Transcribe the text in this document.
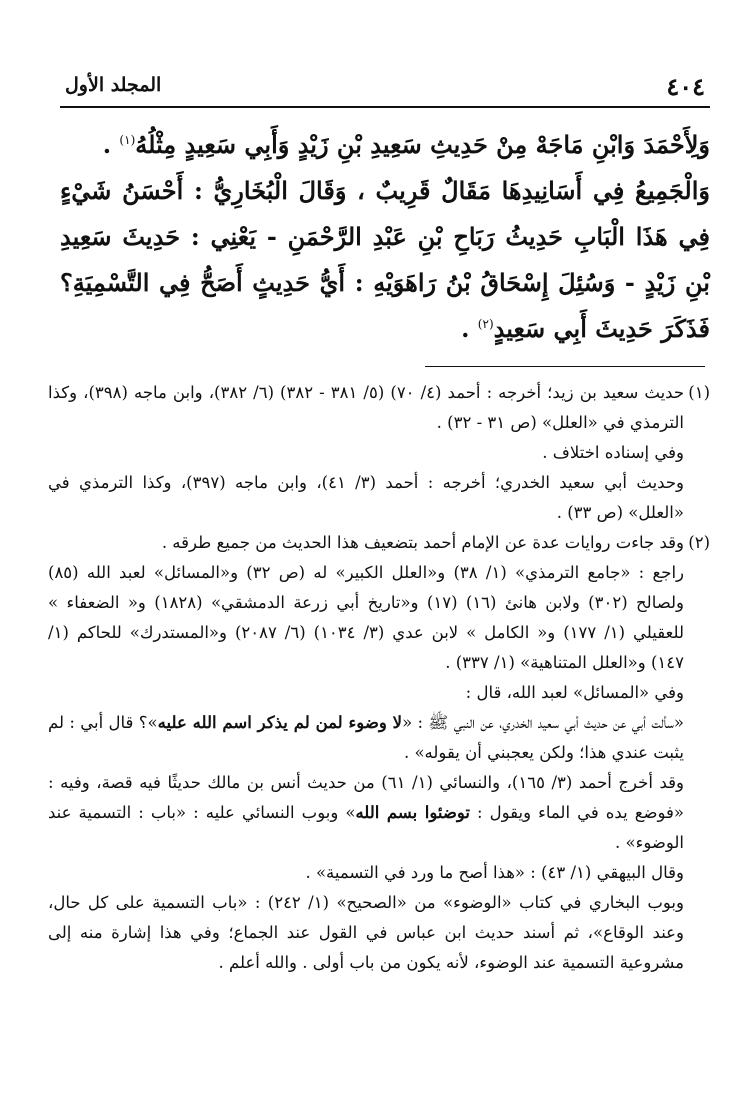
٤٠٤
المجلد الأول

وَلِأَحْمَدَ وَابْنِ مَاجَهْ مِنْ حَدِيثِ سَعِيدِ بْنِ زَيْدٍ وَأَبِي سَعِيدٍ مِثْلُهُ$^{(١)}$ .

وَالْجَمِيعُ فِي أَسَانِيدِهَا مَقَالٌ قَرِيبٌ ، وَقَالَ الْبُخَارِيُّ : أَحْسَنُ شَيْءٍ فِي هَذَا الْبَابِ حَدِيثُ رَبَاحِ بْنِ عَبْدِ الرَّحْمَنِ - يَعْنِي : حَدِيثَ سَعِيدِ بْنِ زَيْدٍ - وَسُئِلَ إِسْحَاقُ بْنُ رَاهَوَيْهِ : أَيُّ حَدِيثٍ أَصَحُّ فِي التَّسْمِيَةِ؟ فَذَكَرَ حَدِيثَ أَبِي سَعِيدٍ$^{(٢)}$ .

(١)

حديث سعيد بن زيد؛ أخرجه : أحمد (٤/ ٧٠) (٥/ ٣٨١ - ٣٨٢) (٦/ ٣٨٢)، وابن ماجه (٣٩٨)، وكذا الترمذي في «العلل» (ص ٣١ - ٣٢) .

وفي إسناده اختلاف .

وحديث أبي سعيد الخدري؛ أخرجه : أحمد (٣/ ٤١)، وابن ماجه (٣٩٧)، وكذا الترمذي في «العلل» (ص ٣٣) .

(٢)

وقد جاءت روايات عدة عن الإمام أحمد بتضعيف هذا الحديث من جميع طرقه .

راجع : «جامع الترمذي» (١/ ٣٨) و«العلل الكبير» له (ص ٣٢) و«المسائل» لعبد الله (٨٥) ولصالح (٣٠٢) ولابن هانئ (١٦) (١٧) و«تاريخ أبي زرعة الدمشقي» (١٨٢٨) و« الضعفاء » للعقيلي (١/ ١٧٧) و« الكامل » لابن عدي (٣/ ١٠٣٤) (٦/ ٢٠٨٧) و«المستدرك» للحاكم (١/ ١٤٧) و«العلل المتناهية» (١/ ٣٣٧) .

وفي «المسائل» لعبد الله، قال :

«سألت أبي عن حديث أبي سعيد الخدري، عن النبي ﷺ : «لا وضوء لمن لم يذكر اسم الله عليه»؟ قال أبي : لم يثبت عندي هذا؛ ولكن يعجبني أن يقوله» .

وقد أخرج أحمد (٣/ ١٦٥)، والنسائي (١/ ٦١) من حديث أنس بن مالك حديثًا فيه قصة، وفيه : «فوضع يده في الماء ويقول : توضئوا بسم الله» وبوب النسائي عليه : «باب : التسمية عند الوضوء» .

وقال البيهقي (١/ ٤٣) : «هذا أصح ما ورد في التسمية» .

وبوب البخاري في كتاب «الوضوء» من «الصحيح» (١/ ٢٤٢) : «باب التسمية على كل حال، وعند الوقاع»، ثم أسند حديث ابن عباس في القول عند الجماع؛ وفي هذا إشارة منه إلى مشروعية التسمية عند الوضوء، لأنه يكون من باب أولى . والله أعلم .
